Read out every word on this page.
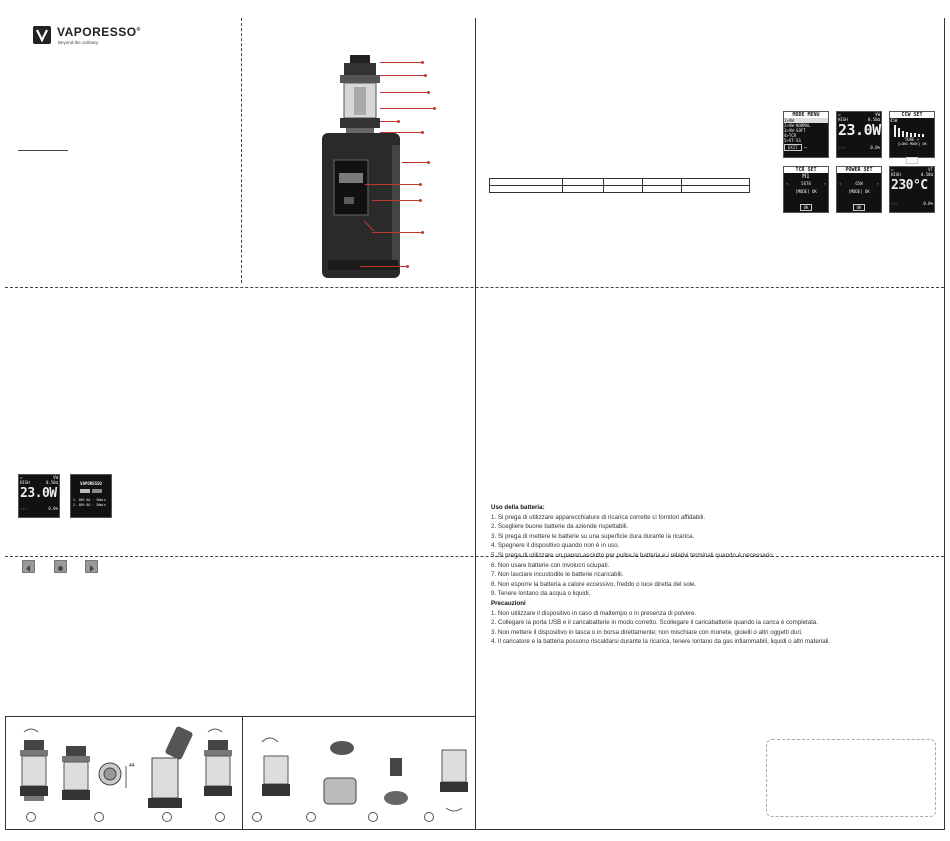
VAPORESSO®
Beyond the ordinary

MODE MENU
1>VW
2>VW-NORMAL
3>VW-SOFT
4>TCR
5>VT-SS
EXIT ↩
▭	VW
HIGH	0.50Ω
23.0W
◦◦◦	0.0%
CCW SET
45W
TURE +
[LONG MODE] OK
OK
TCR SET
M1
‹	5678	›
[MODE] OK
OK
POWER SET
‹	65W	›
[MODE] OK
OK
▭	VT
HIGH	0.50Ω
230°C
◦◦◦	0.0%
▭	VW
HIGH	0.50Ω
23.0W
◦◦◦	0.0%
VAPORESSO
1. 80% 6Ω · 30min
2. 80% 6Ω · 30min	Uso della batteria:
1. Si prega di utilizzare apparecchiature di ricarica corrette ci fornitori affidabili.
2. Scegliere buone batterie da aziende rispettabili.
3. Si prega di mettere le batterie su una superficie dura durante la ricarica.
4. Spegnere il dispositivo quando non è in uso.
5. Si prega di utilizzare un panno asciutto per pulire la batteria e i relativi terminali quando è necessario.
6. Non usare batterie con involucri sciupati.
7. Non lasciare incustodite le batterie ricaricabili.
8. Non esporre la batteria a calore eccessivo, freddo o luce diretta del sole.
9. Tenere lontano da acqua o liquidi.
Precauzioni
1. Non utilizzare il dispositivo in caso di maltempo o in presenza di polvere.
2. Collegare la porta USB e il caricabatterie in modo corretto. Scollegare il caricabatterie quando la carica è completata.
3. Non mettere il dispositivo in tasca o in borsa direttamente; non mischiare con monete, gioielli o altri oggetti duri.
4. Il caricatore e la batteria possono riscaldarsi durante la ricarica, tenere lontano da gas infiammabili, liquidi o altri materiali.
44
